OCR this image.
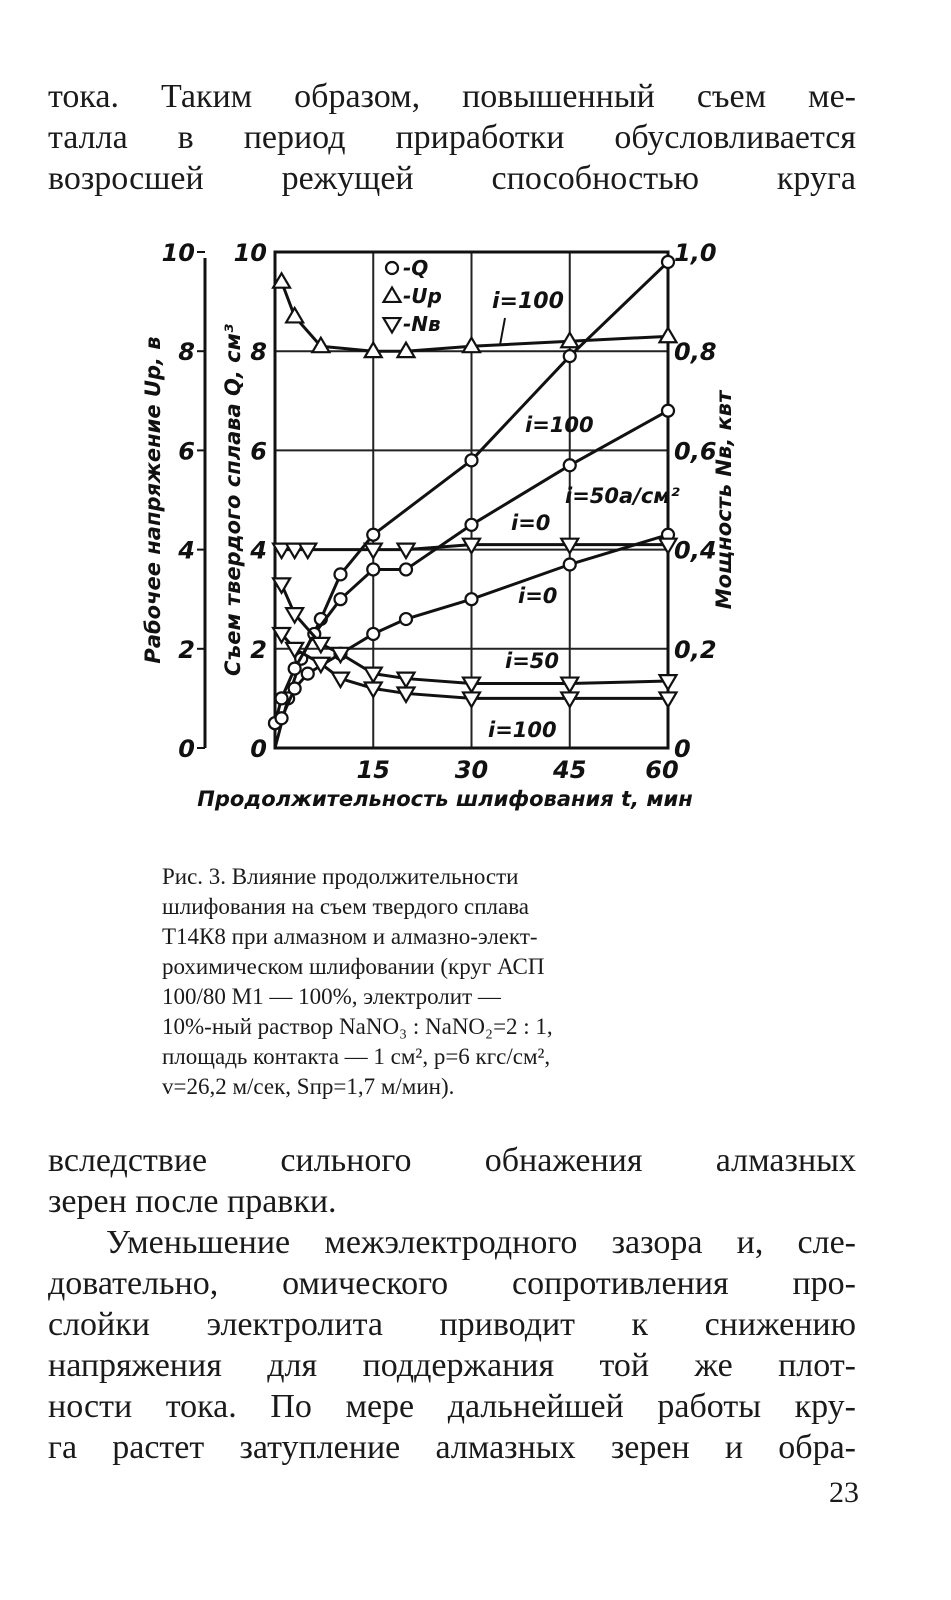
тока. Таким образом, повышенный съем ме-

талла в период приработки обусловливается

возросшей режущей способностью круга

0
2
4
6
8
10
0
2
4
6
8
10
0
0,2
0,4
0,6
0,8
1,0
15	30	45 60
Продолжительность шлифования t, мин
Рабочее напряжение Up, в	Съем твердого сплава Q, см³	Мощность Nв, квт
-Q
-Up
-Nв
i=100
i=100
i=50a/см²
i=0
i=0
i=50
i=100

Рис. 3. Влияние продолжительности
шлифования на съем твердого сплава
Т14К8 при алмазном и алмазно-элект-
рохимическом шлифовании (круг АСП
100/80 М1 — 100%, электролит —
10%-ный раствор NaNO₃ : NaNO₂=2 : 1,
площадь контакта — 1 см², p=6 кгс/см²,
v=26,2 м/сек, Sпр=1,7 м/мин).

вследствие сильного обнажения алмазных

зерен после правки.

Уменьшение межэлектродного зазора и, сле-

довательно, омического сопротивления про-

слойки электролита приводит к снижению

напряжения для поддержания той же плот-

ности тока. По мере дальнейшей работы кру-

га растет затупление алмазных зерен и обра-

23
